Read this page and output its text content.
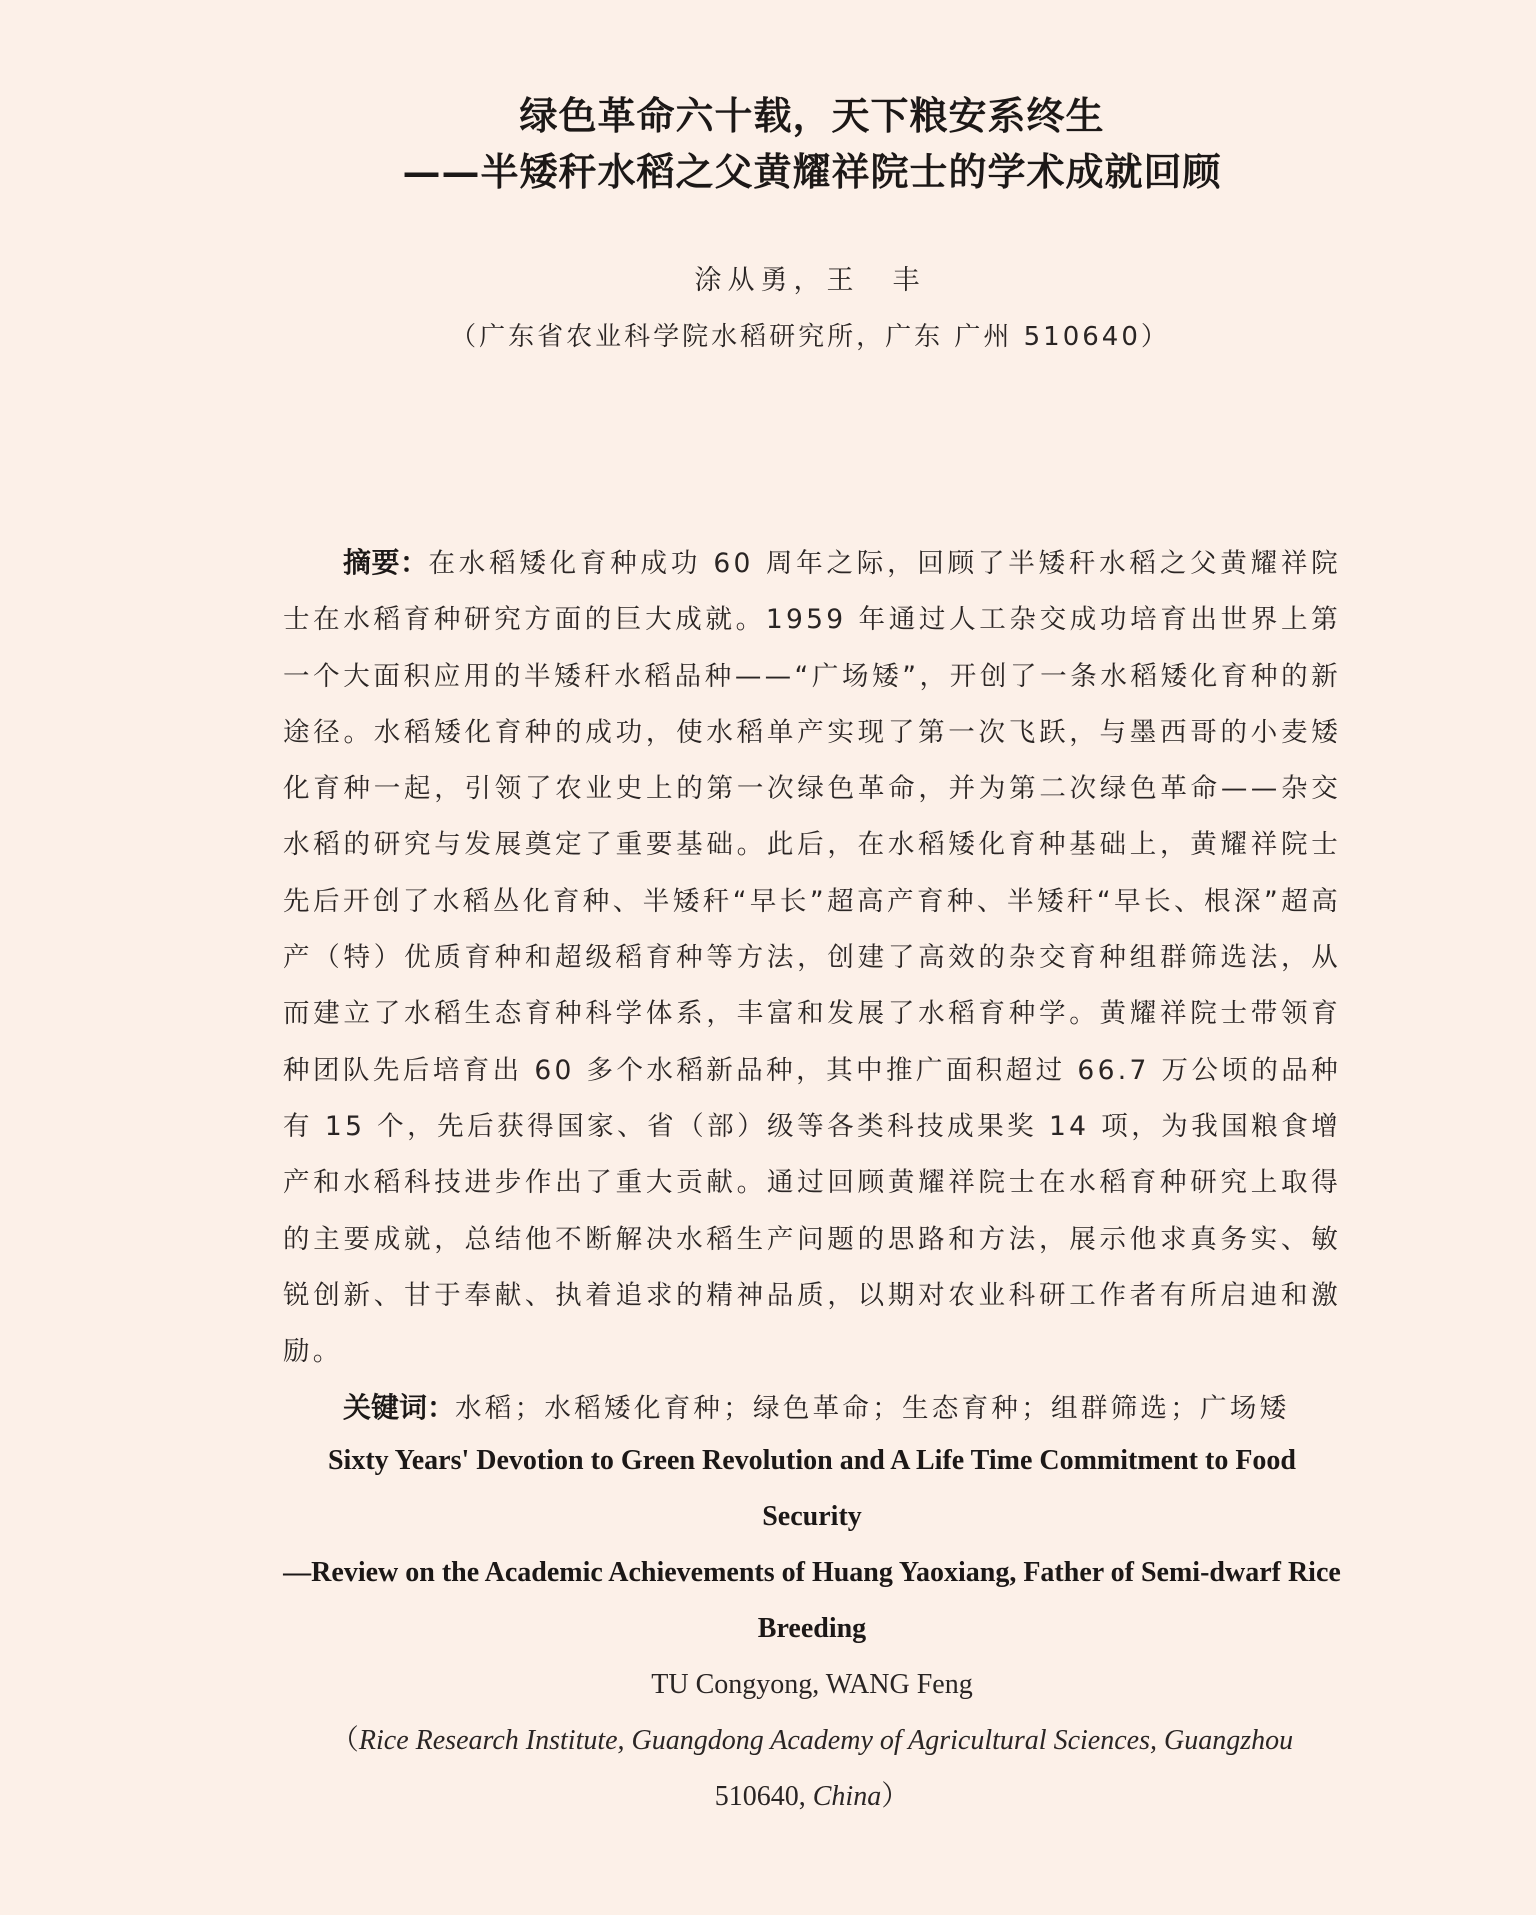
绿色革命六十载，天下粮安系终生
——半矮秆水稻之父黄耀祥院士的学术成就回顾
涂从勇，王　丰
（广东省农业科学院水稻研究所，广东 广州 510640）

摘要：在水稻矮化育种成功 60 周年之际，回顾了半矮秆水稻之父黄耀祥院士在水稻育种研究方面的巨大成就。1959 年通过人工杂交成功培育出世界上第一个大面积应用的半矮秆水稻品种——“广场矮”，开创了一条水稻矮化育种的新途径。水稻矮化育种的成功，使水稻单产实现了第一次飞跃，与墨西哥的小麦矮化育种一起，引领了农业史上的第一次绿色革命，并为第二次绿色革命——杂交水稻的研究与发展奠定了重要基础。此后，在水稻矮化育种基础上，黄耀祥院士先后开创了水稻丛化育种、半矮秆“早长”超高产育种、半矮秆“早长、根深”超高产（特）优质育种和超级稻育种等方法，创建了高效的杂交育种组群筛选法，从而建立了水稻生态育种科学体系，丰富和发展了水稻育种学。黄耀祥院士带领育种团队先后培育出 60 多个水稻新品种，其中推广面积超过 66.7 万公顷的品种有 15 个，先后获得国家、省（部）级等各类科技成果奖 14 项，为我国粮食增产和水稻科技进步作出了重大贡献。通过回顾黄耀祥院士在水稻育种研究上取得的主要成就，总结他不断解决水稻生产问题的思路和方法，展示他求真务实、敏锐创新、甘于奉献、执着追求的精神品质，以期对农业科研工作者有所启迪和激励。

关键词：水稻；水稻矮化育种；绿色革命；生态育种；组群筛选；广场矮

Sixty Years' Devotion to Green Revolution and A Life Time Commitment to Food Security

—Review on the Academic Achievements of Huang Yaoxiang, Father of Semi-dwarf Rice Breeding

TU Congyong, WANG Feng

（Rice Research Institute, Guangdong Academy of Agricultural Sciences, Guangzhou 510640, China）
